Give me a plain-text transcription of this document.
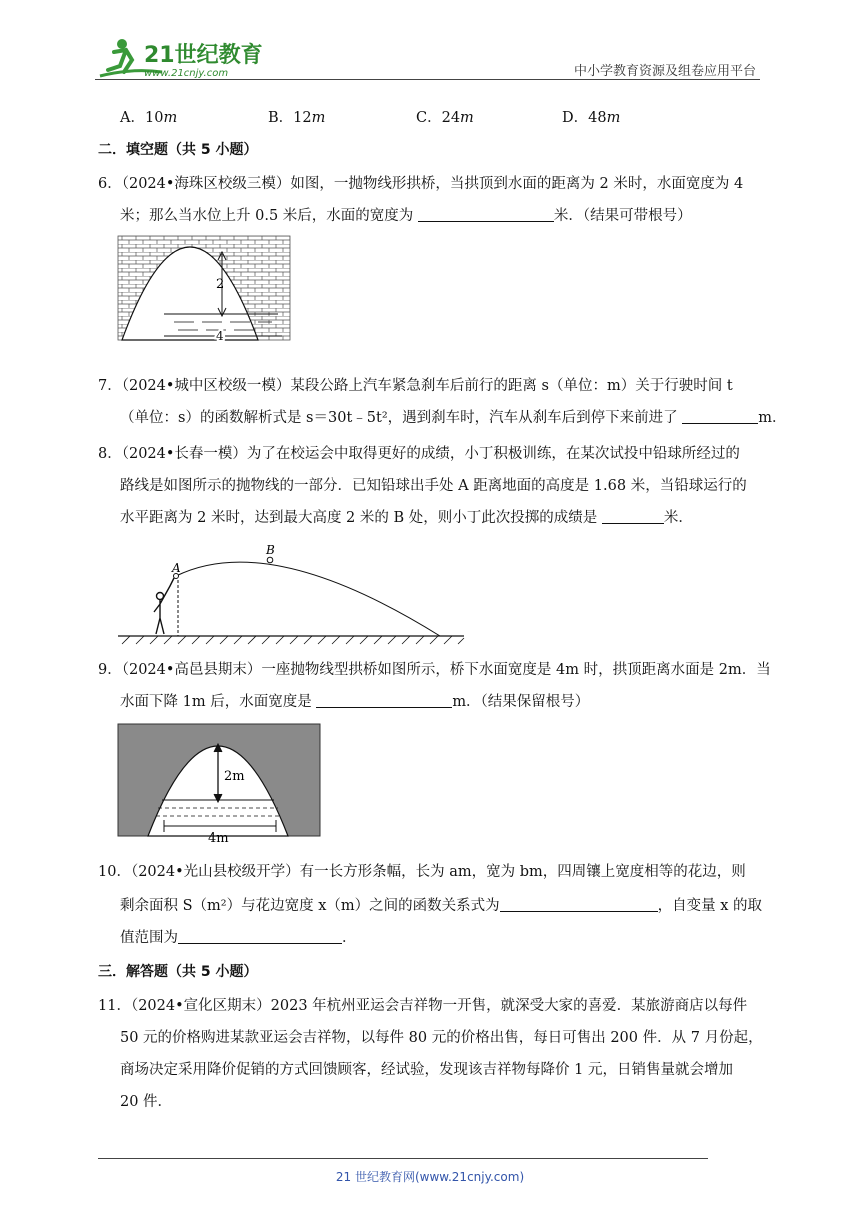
21世纪教育
www.21cnjy.com	中小学教育资源及组卷应用平台
A．10m	B．12m	C．24m	D．48m
二．填空题（共 5 小题）
6．（2024•海珠区校级三模）如图，一抛物线形拱桥，当拱顶到水面的距离为 2 米时，水面宽度为 4
米；那么当水位上升 0.5 米后，水面的宽度为	米．（结果可带根号）
2
4
7．（2024•城中区校级一模）某段公路上汽车紧急刹车后前行的距离 s（单位：m）关于行驶时间 t
（单位：s）的函数解析式是 s＝30t﹣5t²，遇到刹车时，汽车从刹车后到停下来前进了	m．
8．（2024•长春一模）为了在校运会中取得更好的成绩，小丁积极训练，在某次试投中铅球所经过的
路线是如图所示的抛物线的一部分．已知铅球出手处 A 距离地面的高度是 1.68 米，当铅球运行的
水平距离为 2 米时，达到最大高度 2 米的 B 处，则小丁此次投掷的成绩是	米．
B
A
9．（2024•高邑县期末）一座抛物线型拱桥如图所示，桥下水面宽度是 4m 时，拱顶距离水面是 2m．当
水面下降 1m 后，水面宽度是	m．（结果保留根号）
2m
4m
10．（2024•光山县校级开学）有一长方形条幅，长为 am，宽为 bm，四周镶上宽度相等的花边，则
剩余面积 S（m²）与花边宽度 x（m）之间的函数关系式为	，自变量 x 的取
值范围为	．
三．解答题（共 5 小题）
11．（2024•宣化区期末）2023 年杭州亚运会吉祥物一开售，就深受大家的喜爱．某旅游商店以每件
50 元的价格购进某款亚运会吉祥物，以每件 80 元的价格出售，每日可售出 200 件．从 7 月份起，
商场决定采用降价促销的方式回馈顾客，经试验，发现该吉祥物每降价 1 元，日销售量就会增加
20 件．
21 世纪教育网(www.21cnjy.com)
